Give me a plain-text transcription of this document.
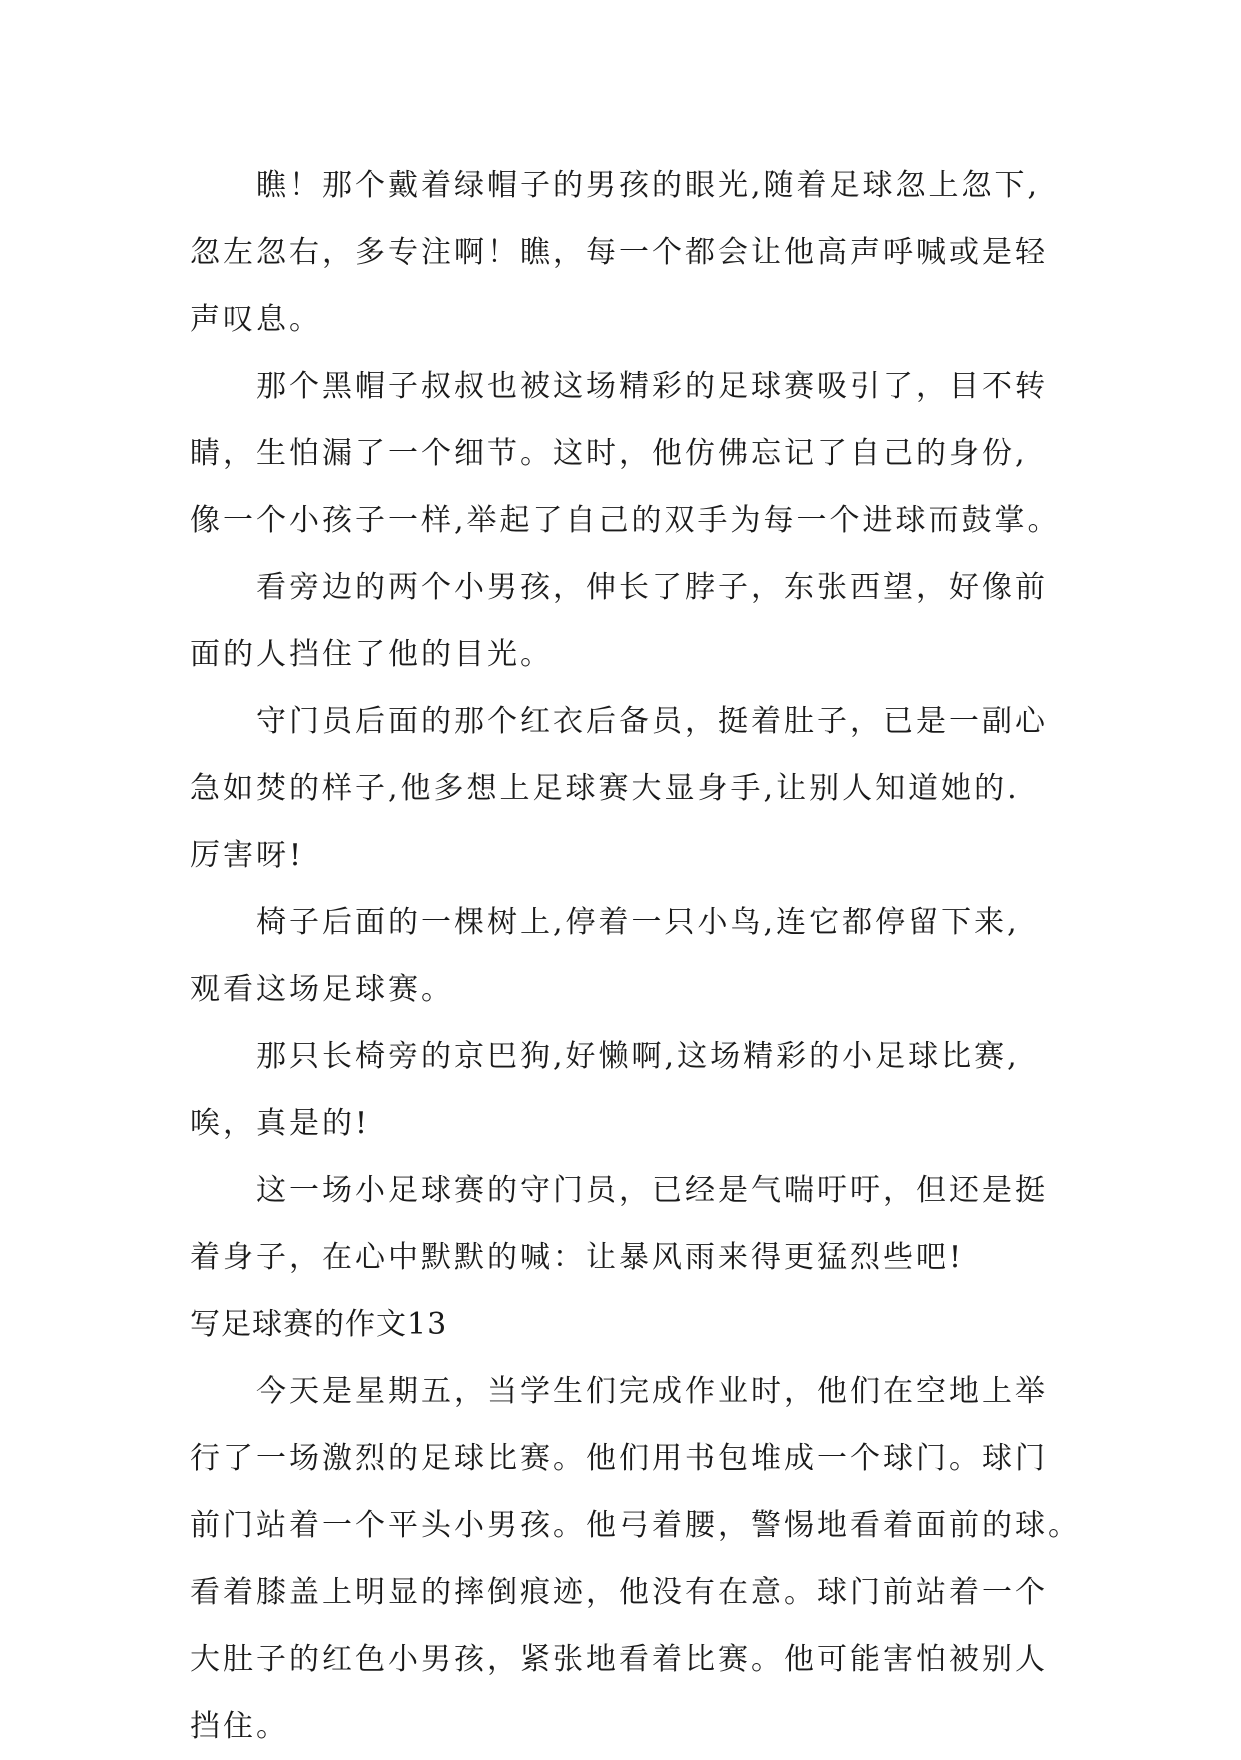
瞧！那个戴着绿帽子的男孩的眼光,随着足球忽上忽下,
忽左忽右，多专注啊！瞧，每一个都会让他高声呼喊或是轻
声叹息。
那个黑帽子叔叔也被这场精彩的足球赛吸引了，目不转
睛，生怕漏了一个细节。这时，他仿佛忘记了自己的身份,
像一个小孩子一样,举起了自己的双手为每一个进球而鼓掌。
看旁边的两个小男孩，伸长了脖子，东张西望，好像前
面的人挡住了他的目光。
守门员后面的那个红衣后备员，挺着肚子，已是一副心
急如焚的样子,他多想上足球赛大显身手,让别人知道她的.
厉害呀!
椅子后面的一棵树上,停着一只小鸟,连它都停留下来,
观看这场足球赛。
那只长椅旁的京巴狗,好懒啊,这场精彩的小足球比赛,
唉，真是的!
这一场小足球赛的守门员，已经是气喘吁吁，但还是挺
着身子，在心中默默的喊：让暴风雨来得更猛烈些吧!
写足球赛的作文13
今天是星期五，当学生们完成作业时，他们在空地上举
行了一场激烈的足球比赛。他们用书包堆成一个球门。球门
前门站着一个平头小男孩。他弓着腰，警惕地看着面前的球。
看着膝盖上明显的摔倒痕迹，他没有在意。球门前站着一个
大肚子的红色小男孩，紧张地看着比赛。他可能害怕被别人
挡住。
